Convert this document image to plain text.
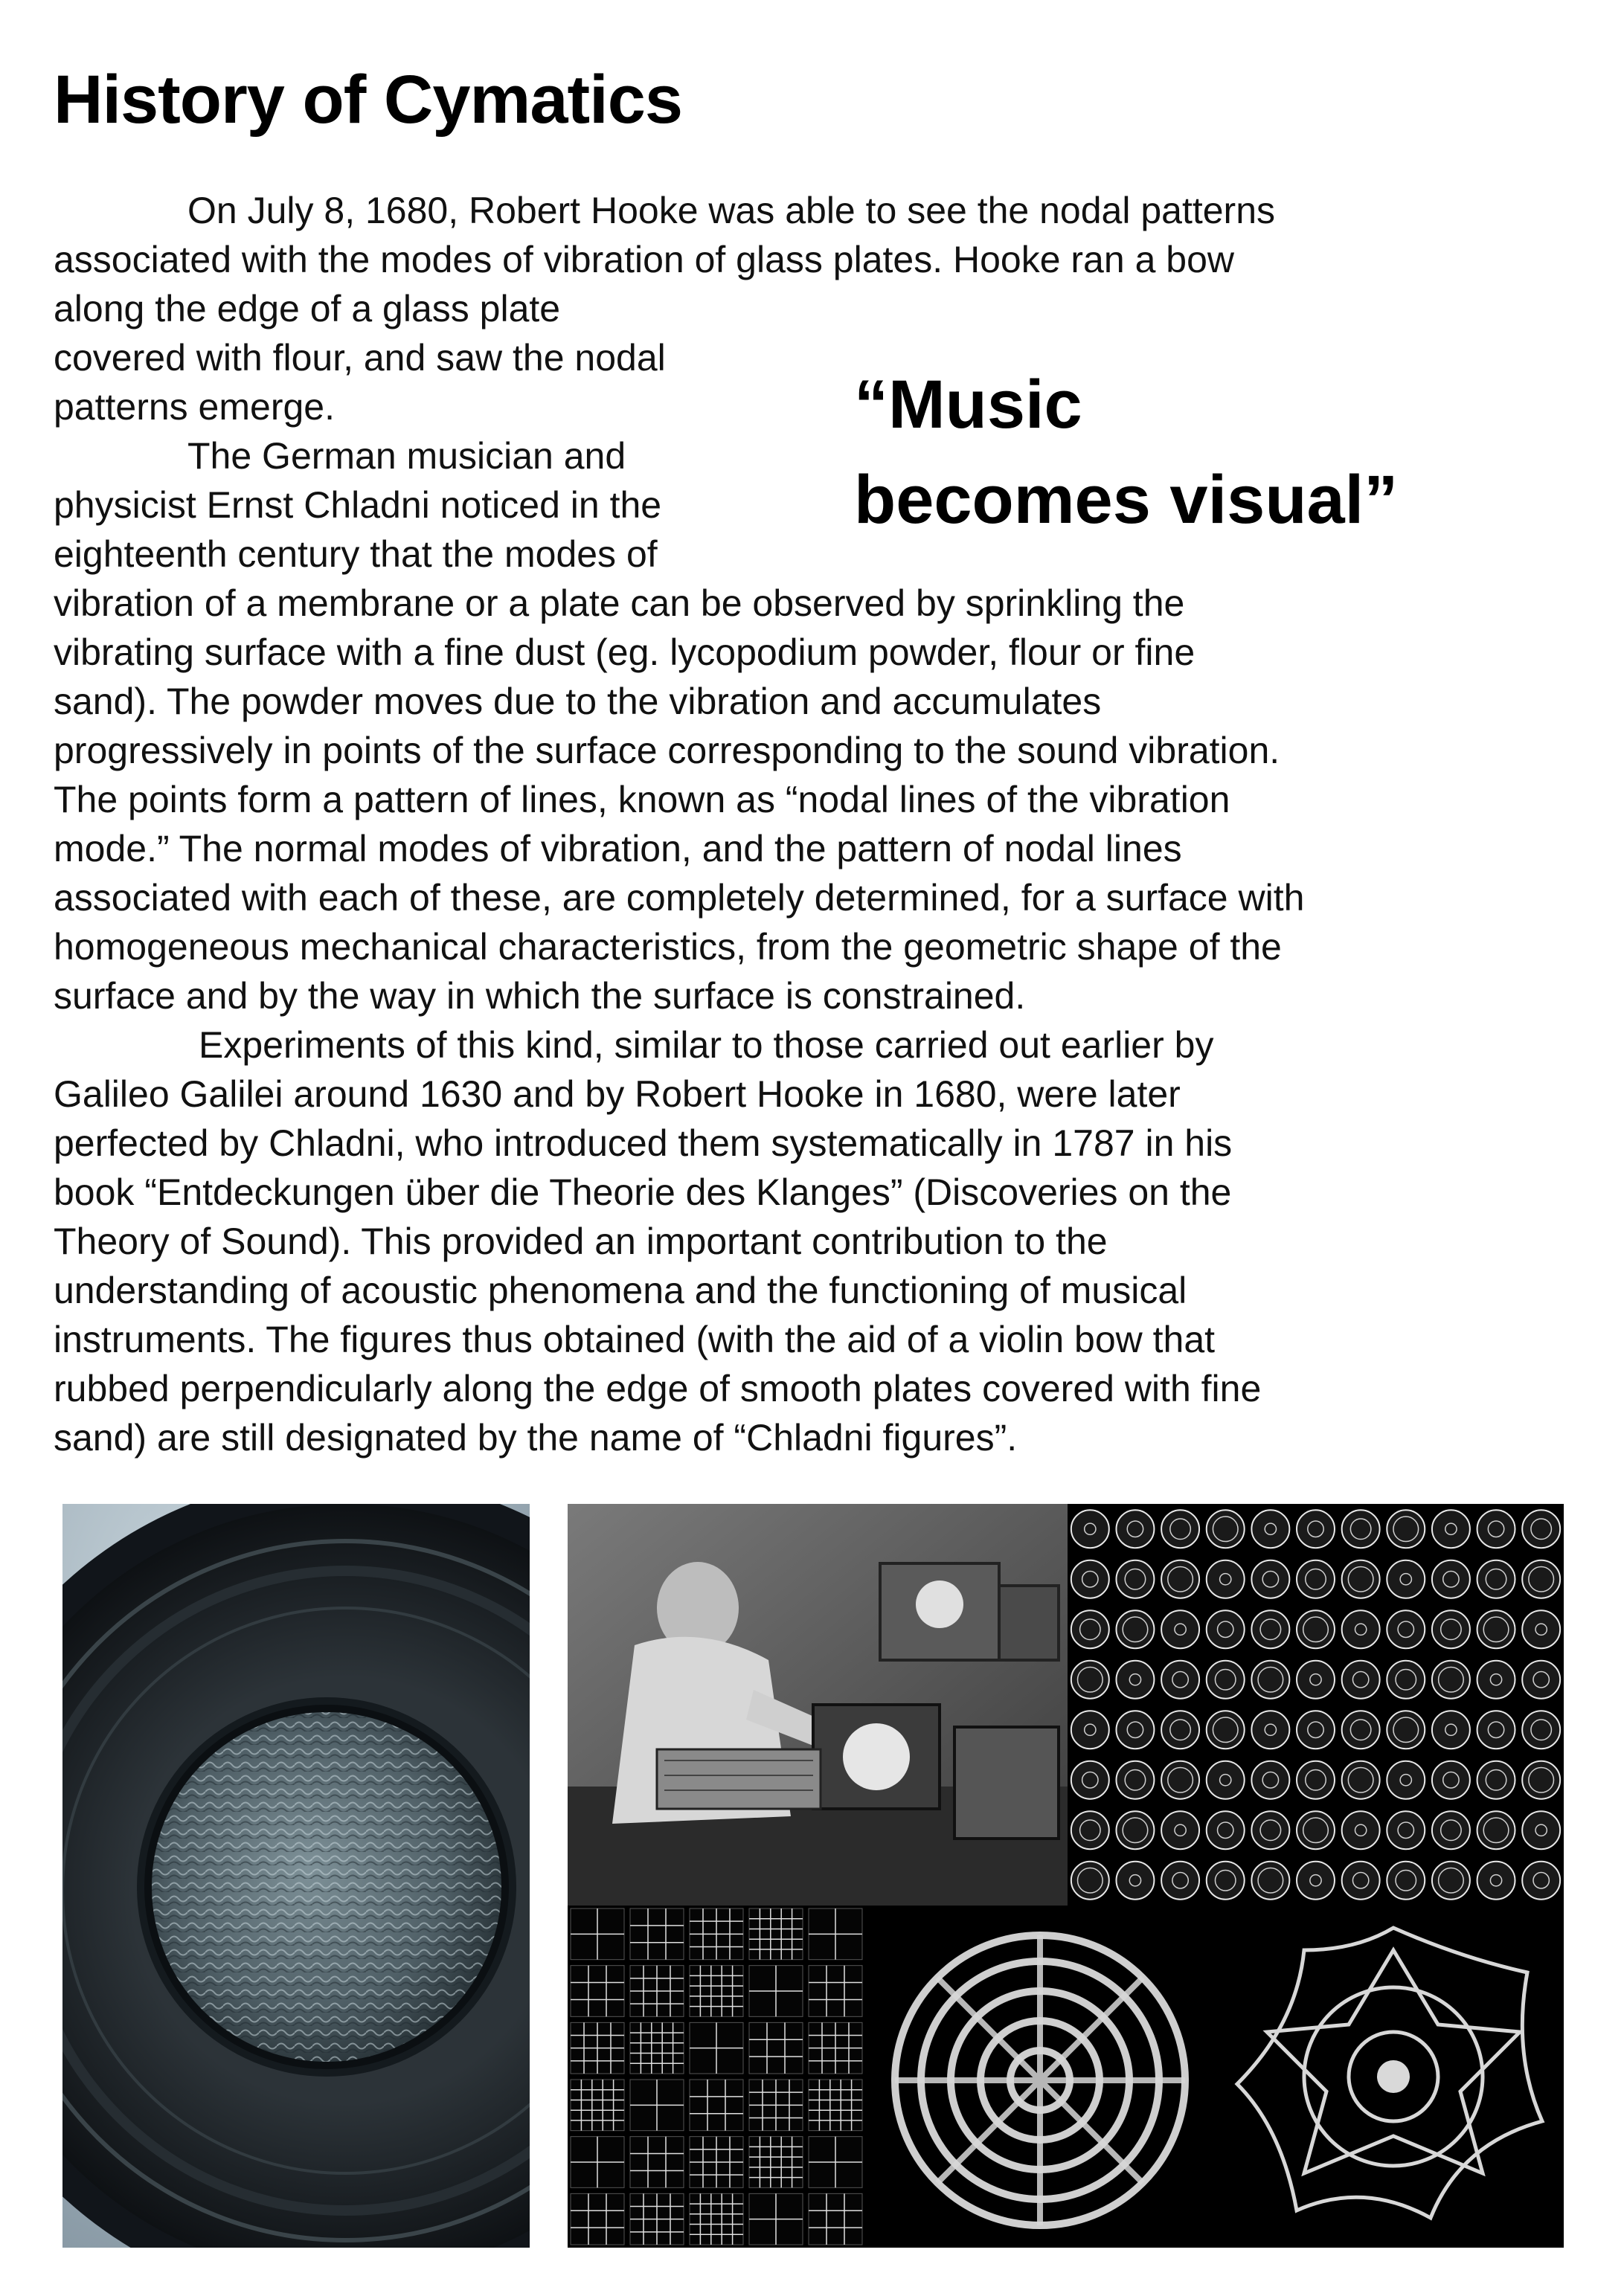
History of Cymatics
On July 8, 1680, Robert Hooke was able to see the nodal patterns
associated with the modes of vibration of glass plates. Hooke ran a bow
along the edge of a glass plate
covered with flour, and saw the nodal
patterns emerge.
The German musician and
physicist Ernst Chladni noticed in the
eighteenth century that the modes of
vibration of a membrane or a plate can be observed by sprinkling the
vibrating surface with a fine dust (eg. lycopodium powder, flour or fine
sand). The powder moves due to the vibration and accumulates
progressively in points of the surface corresponding to the sound vibration.
The points form a pattern of lines, known as “nodal lines of the vibration
mode.” The normal modes of vibration, and the pattern of nodal lines
associated with each of these, are completely determined, for a surface with
homogeneous mechanical characteristics, from the geometric shape of the
surface and by the way in which the surface is constrained.
Experiments of this kind, similar to those carried out earlier by
Galileo Galilei around 1630 and by Robert Hooke in 1680, were later
perfected by Chladni, who introduced them systematically in 1787 in his
book “Entdeckungen über die Theorie des Klanges” (Discoveries on the
Theory of Sound). This provided an important contribution to the
understanding of acoustic phenomena and the functioning of musical
instruments. The figures thus obtained (with the aid of a violin bow that
rubbed perpendicularly along the edge of smooth plates covered with fine
sand) are still designated by the name of “Chladni figures”.
“Music
becomes visual”
